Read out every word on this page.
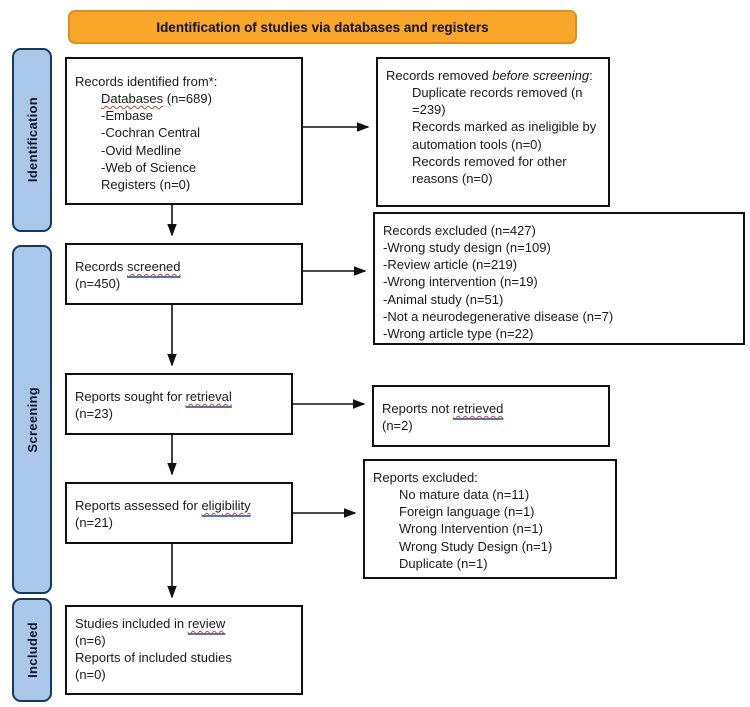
Identification of studies via databases and registers
Identification
Screening
Included
Records identified from*:
Databases (n=689)
-Embase
-Cochran Central
-Ovid Medline
-Web of Science
Registers (n=0)
Records removed before screening:
Duplicate records removed (n =239)
Records marked as ineligible by automation tools (n=0)
Records removed for other reasons (n=0)
Records screened
(n=450)
Records excluded (n=427)
-Wrong study design (n=109)
-Review article (n=219)
-Wrong intervention (n=19)
-Animal study (n=51)
-Not a neurodegenerative disease (n=7)
-Wrong article type (n=22)
Reports sought for retrieval
(n=23)	Reports not retrieved
(n=2)
Reports assessed for eligibility
(n=21)
Reports excluded:
No mature data (n=11)
Foreign language (n=1)
Wrong Intervention (n=1)
Wrong Study Design (n=1)
Duplicate (n=1)
Studies included in review
(n=6)
Reports of included studies
(n=0)
